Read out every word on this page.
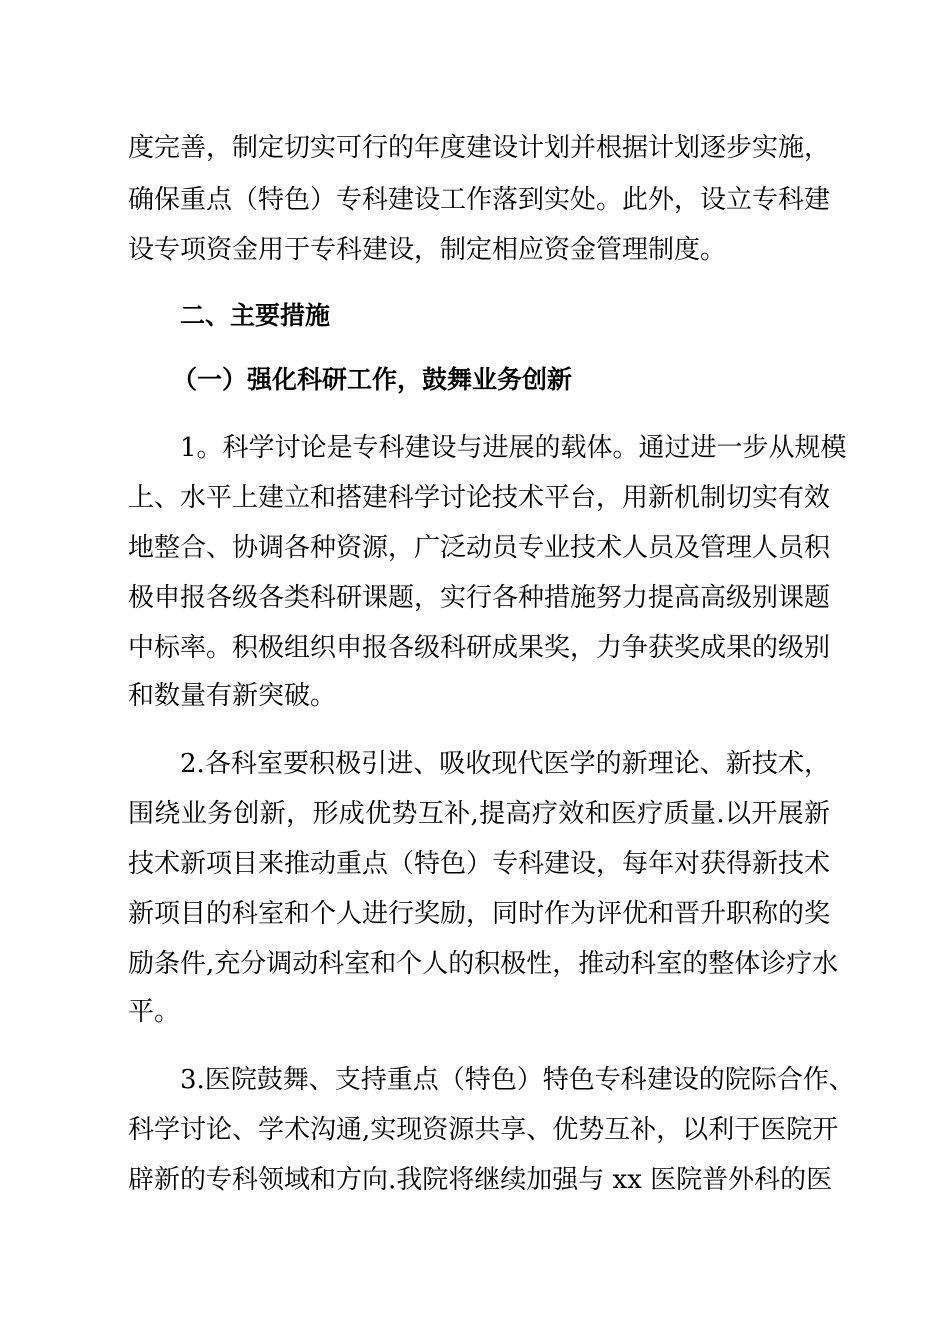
度完善，制定切实可行的年度建设计划并根据计划逐步实施，
确保重点（特色）专科建设工作落到实处。此外，设立专科建
设专项资金用于专科建设，制定相应资金管理制度。
二、主要措施
（一）强化科研工作，鼓舞业务创新
1。科学讨论是专科建设与进展的载体。通过进一步从规模
上、水平上建立和搭建科学讨论技术平台，用新机制切实有效
地整合、协调各种资源，广泛动员专业技术人员及管理人员积
极申报各级各类科研课题，实行各种措施努力提高高级别课题
中标率。积极组织申报各级科研成果奖，力争获奖成果的级别
和数量有新突破。
2.各科室要积极引进、吸收现代医学的新理论、新技术，
围绕业务创新，形成优势互补,提高疗效和医疗质量.以开展新
技术新项目来推动重点（特色）专科建设，每年对获得新技术
新项目的科室和个人进行奖励，同时作为评优和晋升职称的奖
励条件,充分调动科室和个人的积极性，推动科室的整体诊疗水
平。
3.医院鼓舞、支持重点（特色）特色专科建设的院际合作、
科学讨论、学术沟通,实现资源共享、优势互补，以利于医院开
辟新的专科领域和方向.我院将继续加强与 xx 医院普外科的医
